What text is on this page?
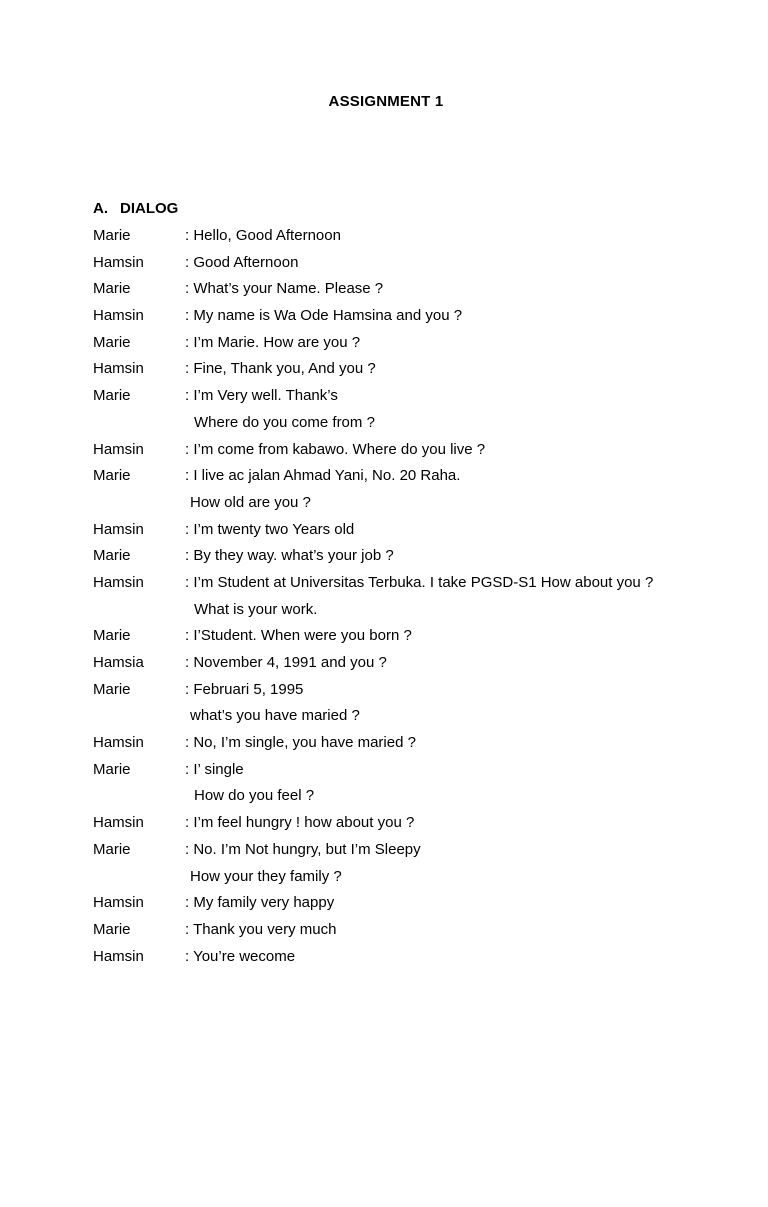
ASSIGNMENT 1
A. DIALOG
Marie	: Hello, Good Afternoon
Hamsin	: Good Afternoon
Marie	: What’s your Name. Please ?
Hamsin	: My name is Wa Ode Hamsina and you ?
Marie	: I’m Marie. How are you ?
Hamsin	: Fine, Thank you, And you ?
Marie	: I’m Very well. Thank’s
Where do you come from ?
Hamsin	: I’m come from kabawo. Where do you live ?
Marie	: I live ac jalan Ahmad Yani, No. 20 Raha.
How old are you ?
Hamsin	: I’m twenty two Years old
Marie	: By they way. what’s your job ?
Hamsin	: I’m Student at Universitas Terbuka. I take PGSD-S1 How about you ?
What is your work.
Marie	: I’Student. When were you born ?
Hamsia	: November 4, 1991 and you ?
Marie	: Februari 5, 1995
what’s you have maried ?
Hamsin	: No, I’m single, you have maried ?
Marie	: I’ single
How do you feel ?
Hamsin	: I’m feel hungry ! how about you ?
Marie	: No. I’m Not hungry, but I’m Sleepy
How your they family ?
Hamsin	: My family very happy
Marie	: Thank you very much
Hamsin	: You’re wecome
